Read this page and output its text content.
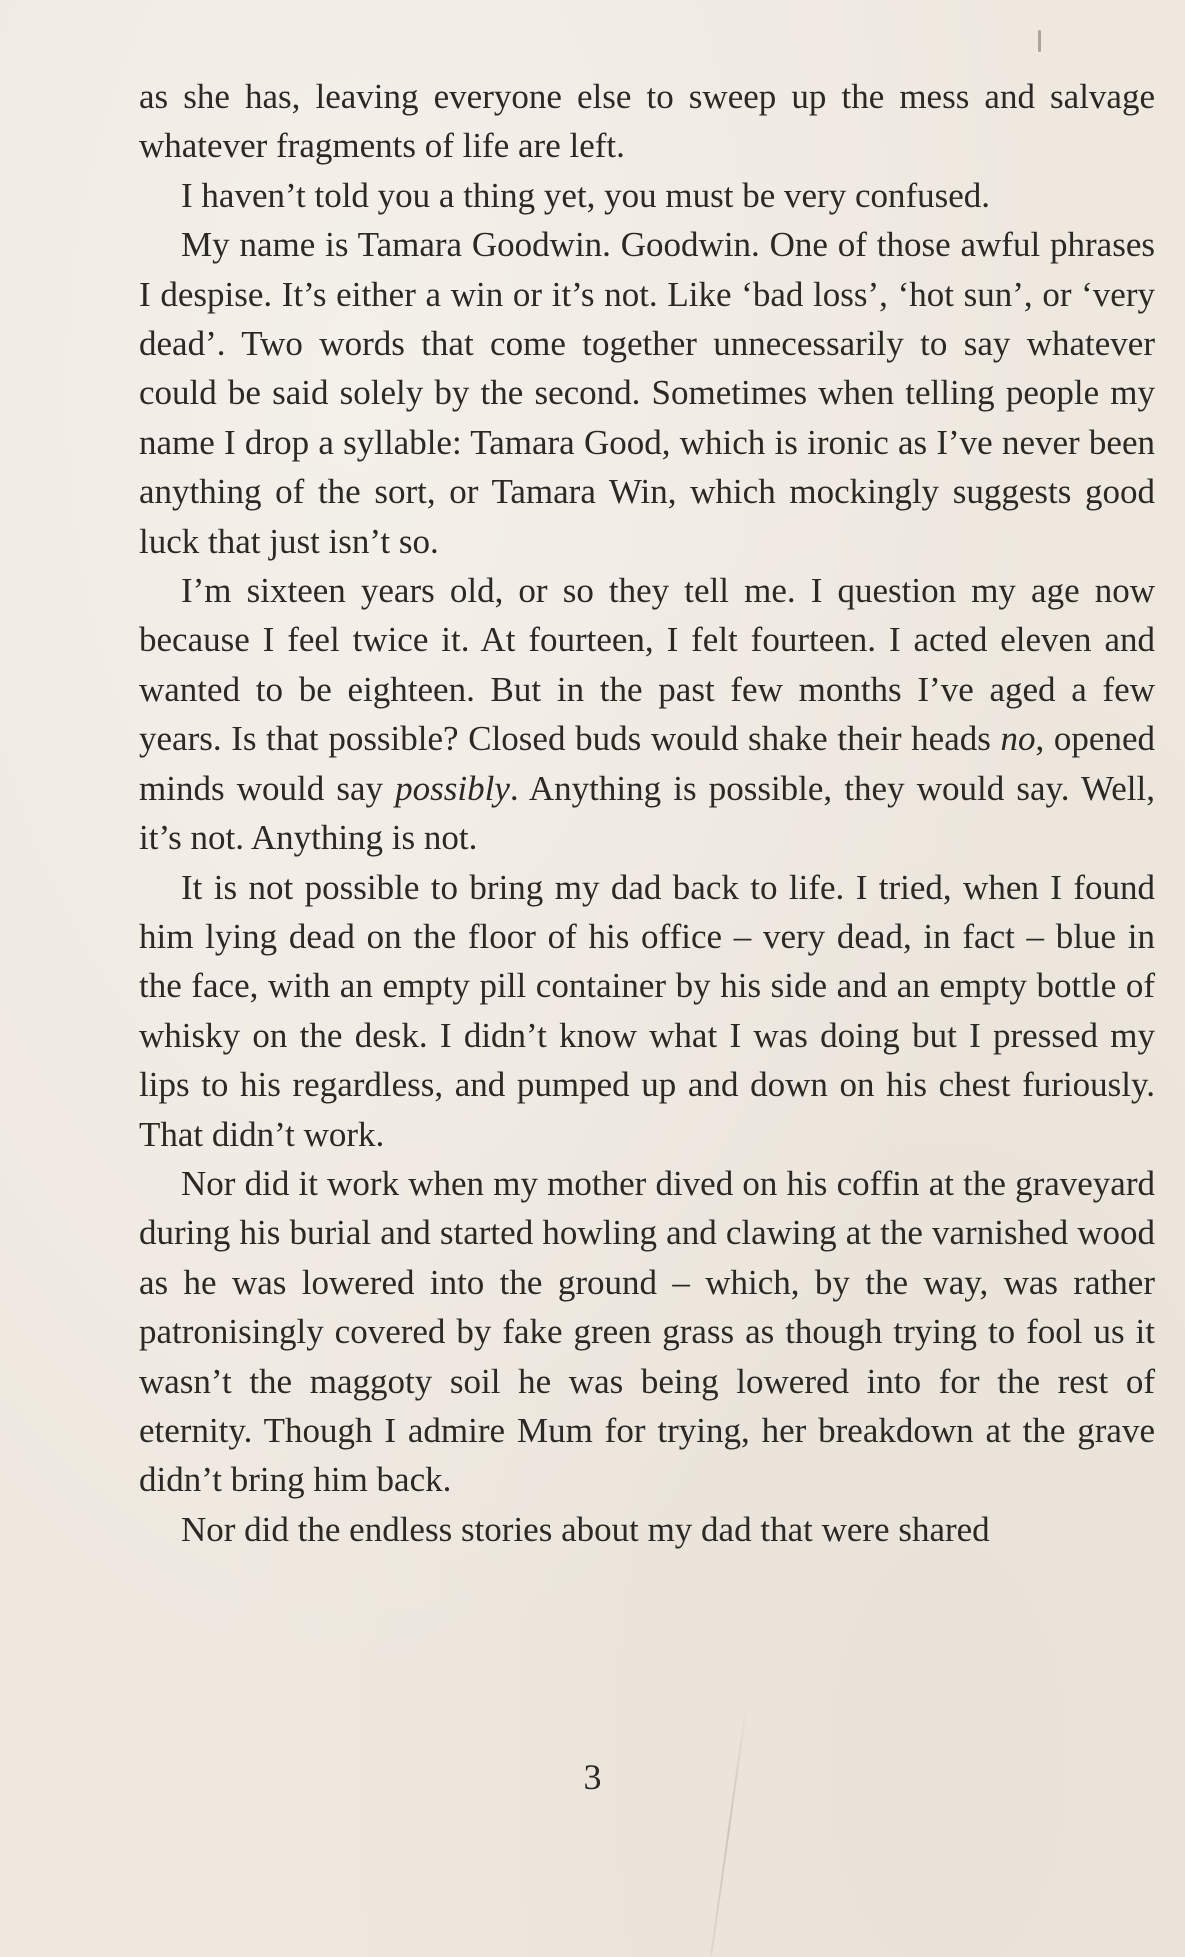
as she has, leaving everyone else to sweep up the mess and salvage whatever fragments of life are left.

I haven’t told you a thing yet, you must be very confused.

My name is Tamara Goodwin. Goodwin. One of those awful phrases I despise. It’s either a win or it’s not. Like ‘bad loss’, ‘hot sun’, or ‘very dead’. Two words that come together unnecessarily to say whatever could be said solely by the second. Sometimes when telling people my name I drop a syllable: Tamara Good, which is ironic as I’ve never been anything of the sort, or Tamara Win, which mockingly suggests good luck that just isn’t so.

I’m sixteen years old, or so they tell me. I question my age now because I feel twice it. At fourteen, I felt fourteen. I acted eleven and wanted to be eighteen. But in the past few months I’ve aged a few years. Is that possible? Closed buds would shake their heads no, opened minds would say possibly. Anything is possible, they would say. Well, it’s not. Anything is not.

It is not possible to bring my dad back to life. I tried, when I found him lying dead on the floor of his office – very dead, in fact – blue in the face, with an empty pill container by his side and an empty bottle of whisky on the desk. I didn’t know what I was doing but I pressed my lips to his regardless, and pumped up and down on his chest furiously. That didn’t work.

Nor did it work when my mother dived on his coffin at the graveyard during his burial and started howling and clawing at the varnished wood as he was lowered into the ground – which, by the way, was rather patronisingly covered by fake green grass as though trying to fool us it wasn’t the maggoty soil he was being lowered into for the rest of eternity. Though I admire Mum for trying, her breakdown at the grave didn’t bring him back.

Nor did the endless stories about my dad that were shared

3
